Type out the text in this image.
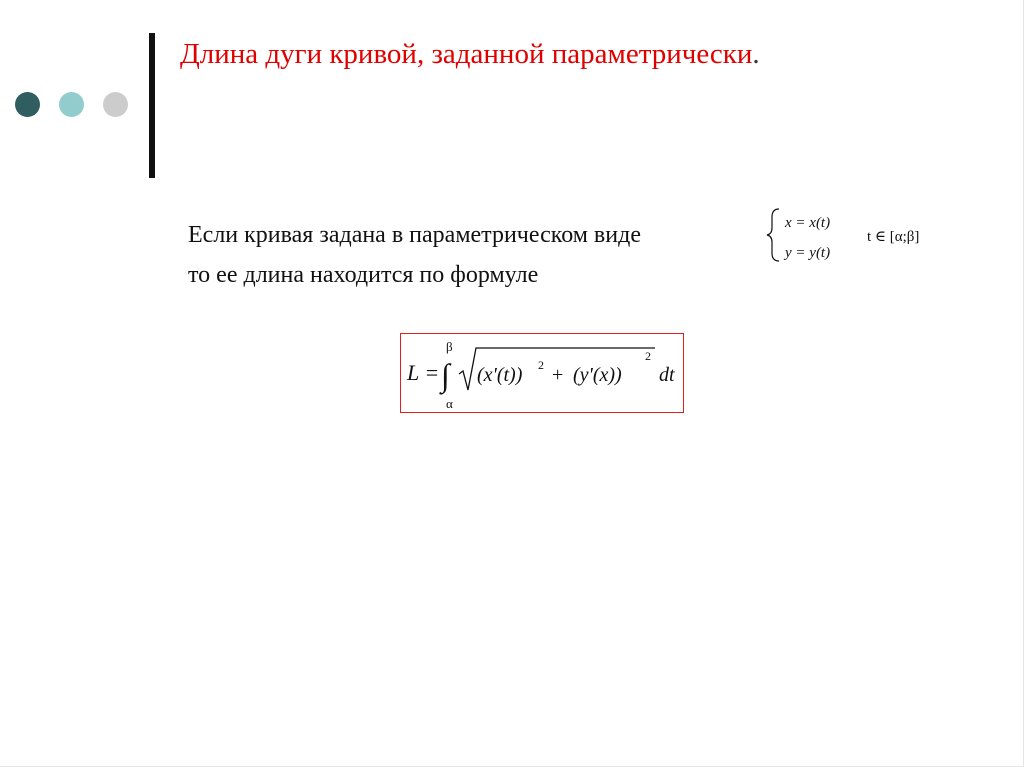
Длина дуги кривой, заданной параметрически.
Если кривая задана в параметрическом виде
то ее длина находится по формуле
x = x(t)
y = y(t)
t ∈ [α;β]
L = ∫
β
α
(x'(t)) 2 + (y'(x))
2
dt
